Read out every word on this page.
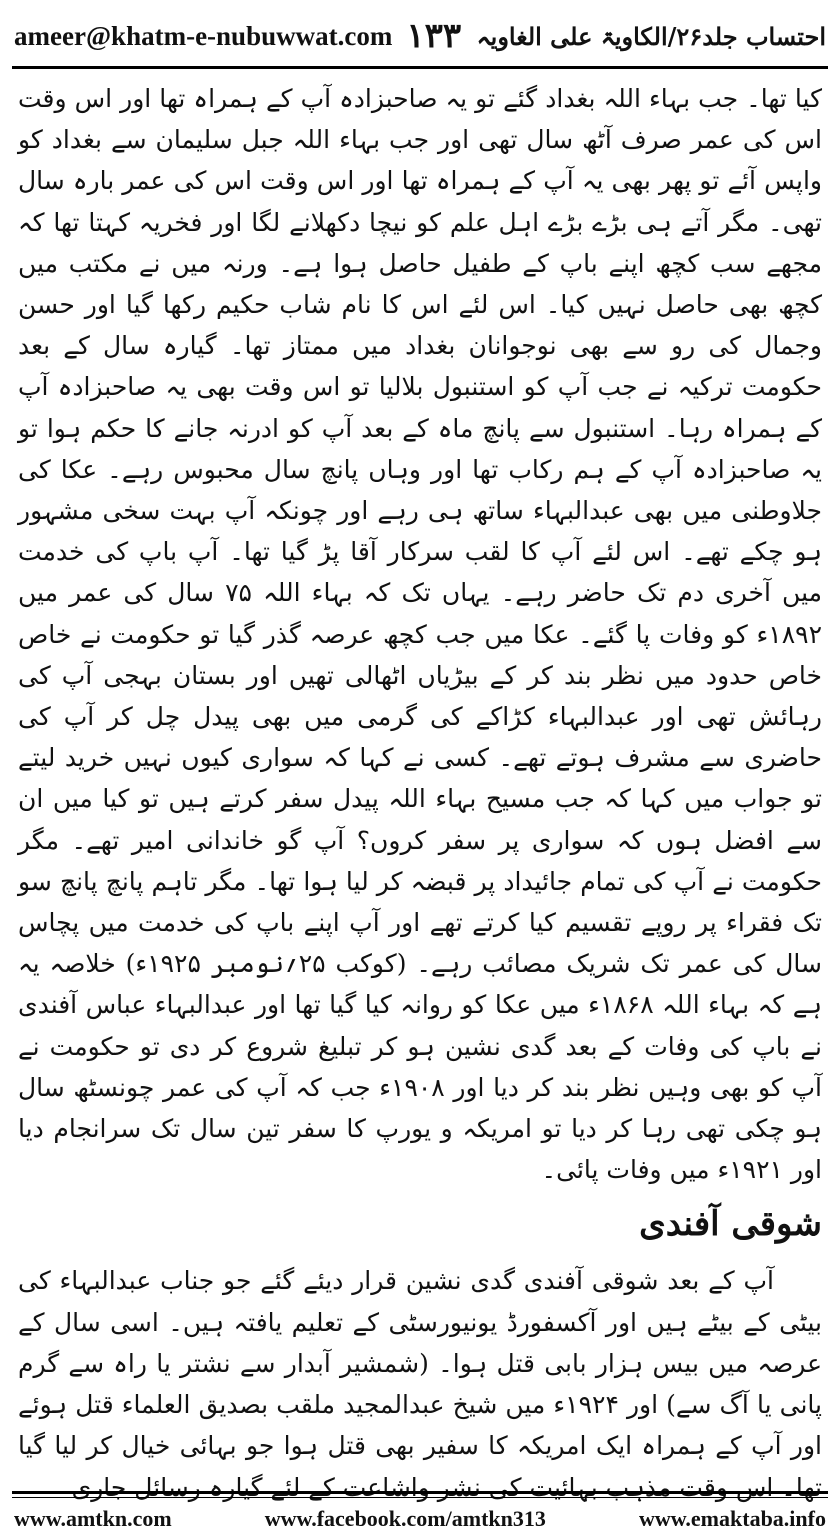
ameer@khatm-e-nubuwwat.com ۱۳۳ احتساب جلد۲۶/الکاویۃ علی الغاویہ

کیا تھا۔ جب بہاء اللہ بغداد گئے تو یہ صاحبزادہ آپ کے ہمراہ تھا اور اس وقت اس کی عمر صرف آٹھ سال تھی اور جب بہاء اللہ جبل سلیمان سے بغداد کو واپس آئے تو پھر بھی یہ آپ کے ہمراہ تھا اور اس وقت اس کی عمر بارہ سال تھی۔ مگر آتے ہی بڑے بڑے اہل علم کو نیچا دکھلانے لگا اور فخریہ کہتا تھا کہ مجھے سب کچھ اپنے باپ کے طفیل حاصل ہوا ہے۔ ورنہ میں نے مکتب میں کچھ بھی حاصل نہیں کیا۔ اس لئے اس کا نام شاب حکیم رکھا گیا اور حسن وجمال کی رو سے بھی نوجوانان بغداد میں ممتاز تھا۔ گیارہ سال کے بعد حکومت ترکیہ نے جب آپ کو استنبول بلالیا تو اس وقت بھی یہ صاحبزادہ آپ کے ہمراہ رہا۔ استنبول سے پانچ ماہ کے بعد آپ کو ادرنہ جانے کا حکم ہوا تو یہ صاحبزادہ آپ کے ہم رکاب تھا اور وہاں پانچ سال محبوس رہے۔ عکا کی جلاوطنی میں بھی عبدالبہاء ساتھ ہی رہے اور چونکہ آپ بہت سخی مشہور ہو چکے تھے۔ اس لئے آپ کا لقب سرکار آقا پڑ گیا تھا۔ آپ باپ کی خدمت میں آخری دم تک حاضر رہے۔ یہاں تک کہ بہاء اللہ ۷۵ سال کی عمر میں ۱۸۹۲ء کو وفات پا گئے۔ عکا میں جب کچھ عرصہ گذر گیا تو حکومت نے خاص خاص حدود میں نظر بند کر کے بیڑیاں اٹھالی تھیں اور بستان بہجی آپ کی رہائش تھی اور عبدالبہاء کڑاکے کی گرمی میں بھی پیدل چل کر آپ کی حاضری سے مشرف ہوتے تھے۔ کسی نے کہا کہ سواری کیوں نہیں خرید لیتے تو جواب میں کہا کہ جب مسیح بہاء اللہ پیدل سفر کرتے ہیں تو کیا میں ان سے افضل ہوں کہ سواری پر سفر کروں؟ آپ گو خاندانی امیر تھے۔ مگر حکومت نے آپ کی تمام جائیداد پر قبضہ کر لیا ہوا تھا۔ مگر تاہم پانچ پانچ سو تک فقراء پر روپے تقسیم کیا کرتے تھے اور آپ اپنے باپ کی خدمت میں پچاس سال کی عمر تک شریک مصائب رہے۔ (کوکب ۲۵؍نومبر ۱۹۲۵ء) خلاصہ یہ ہے کہ بہاء اللہ ۱۸۶۸ء میں عکا کو روانہ کیا گیا تھا اور عبدالبہاء عباس آفندی نے باپ کی وفات کے بعد گدی نشین ہو کر تبلیغ شروع کر دی تو حکومت نے آپ کو بھی وہیں نظر بند کر دیا اور ۱۹۰۸ء جب کہ آپ کی عمر چونسٹھ سال ہو چکی تھی رہا کر دیا تو امریکہ و یورپ کا سفر تین سال تک سرانجام دیا اور ۱۹۲۱ء میں وفات پائی۔

شوقی آفندی

آپ کے بعد شوقی آفندی گدی نشین قرار دیئے گئے جو جناب عبدالبہاء کی بیٹی کے بیٹے ہیں اور آکسفورڈ یونیورسٹی کے تعلیم یافتہ ہیں۔ اسی سال کے عرصہ میں بیس ہزار بابی قتل ہوا۔ (شمشیر آبدار سے نشتر یا راہ سے گرم پانی یا آگ سے) اور ۱۹۲۴ء میں شیخ عبدالمجید ملقب بصدیق العلماء قتل ہوئے اور آپ کے ہمراہ ایک امریکہ کا سفیر بھی قتل ہوا جو بہائی خیال کر لیا گیا تھا۔ اس وقت مذہب بہائیت کی نشر واشاعت کے لئے گیارہ رسائل جاری

www.amtkn.com	www.facebook.com/amtkn313	www.emaktaba.info
